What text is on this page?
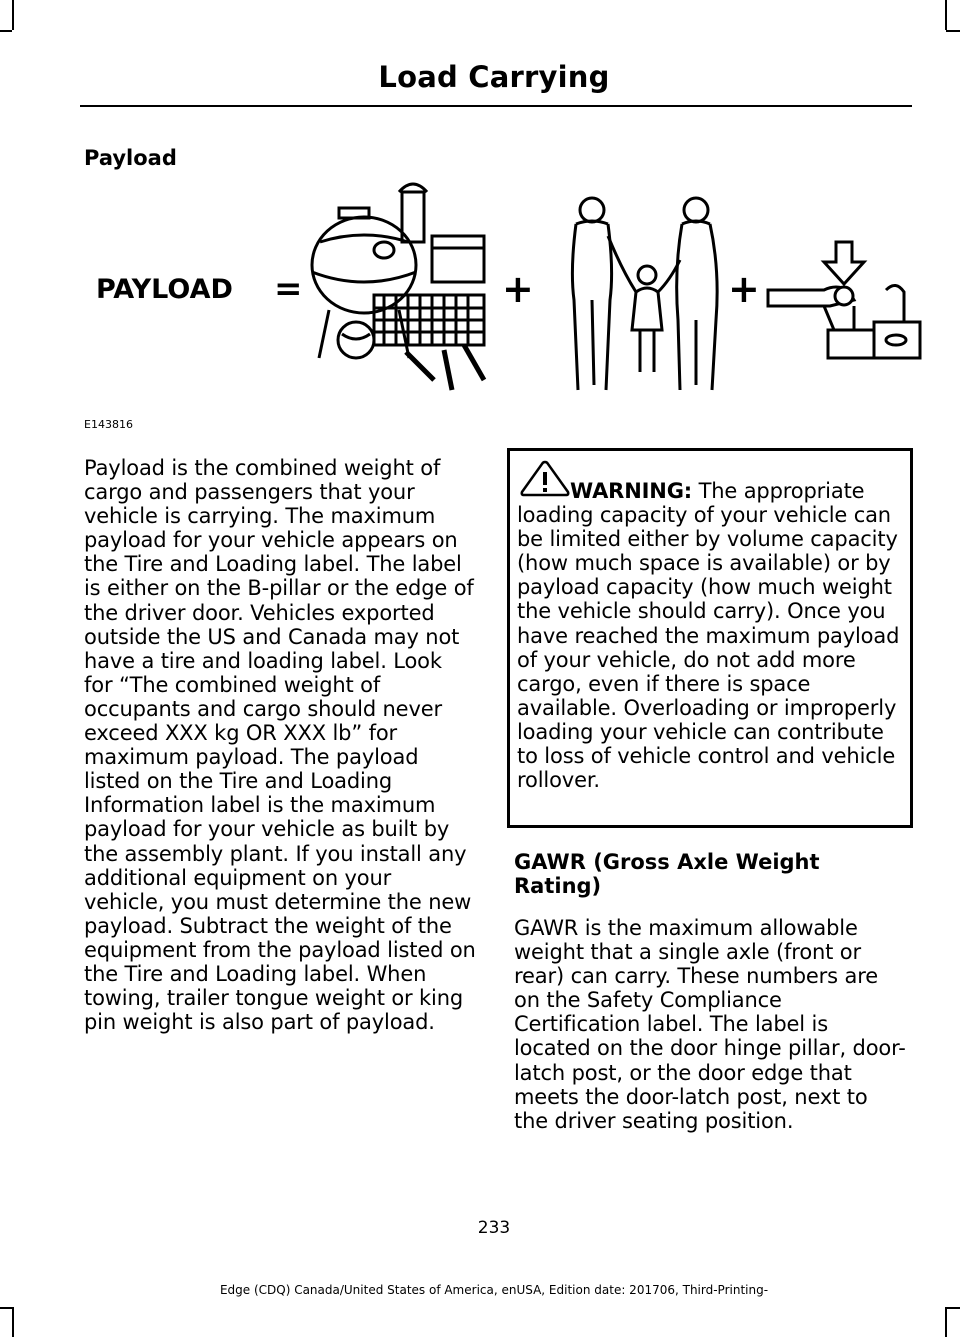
Load Carrying
Payload
PAYLOAD =	+	+
E143816

Payload is the combined weight of cargo and passengers that your vehicle is carrying. The maximum payload for your vehicle appears on the Tire and Loading label. The label is either on the B-pillar or the edge of the driver door. Vehicles exported outside the US and Canada may not have a tire and loading label. Look for “The combined weight of occupants and cargo should never exceed XXX kg OR XXX lb” for maximum payload. The payload listed on the Tire and Loading Information label is the maximum payload for your vehicle as built by the assembly plant. If you install any additional equipment on your vehicle, you must determine the new payload. Subtract the weight of the equipment from the payload listed on the Tire and Loading label. When towing, trailer tongue weight or king pin weight is also part of payload.

WARNING: The appropriate loading capacity of your vehicle can be limited either by volume capacity (how much space is available) or by payload capacity (how much weight the vehicle should carry). Once you have reached the maximum payload of your vehicle, do not add more cargo, even if there is space available. Overloading or improperly loading your vehicle can contribute to loss of vehicle control and vehicle rollover.

GAWR (Gross Axle Weight Rating)

GAWR is the maximum allowable weight that a single axle (front or rear) can carry. These numbers are on the Safety Compliance Certification label. The label is located on the door hinge pillar, door-latch post, or the door edge that meets the door-latch post, next to the driver seating position.

233
Edge (CDQ) Canada/United States of America, enUSA, Edition date: 201706, Third-Printing-
